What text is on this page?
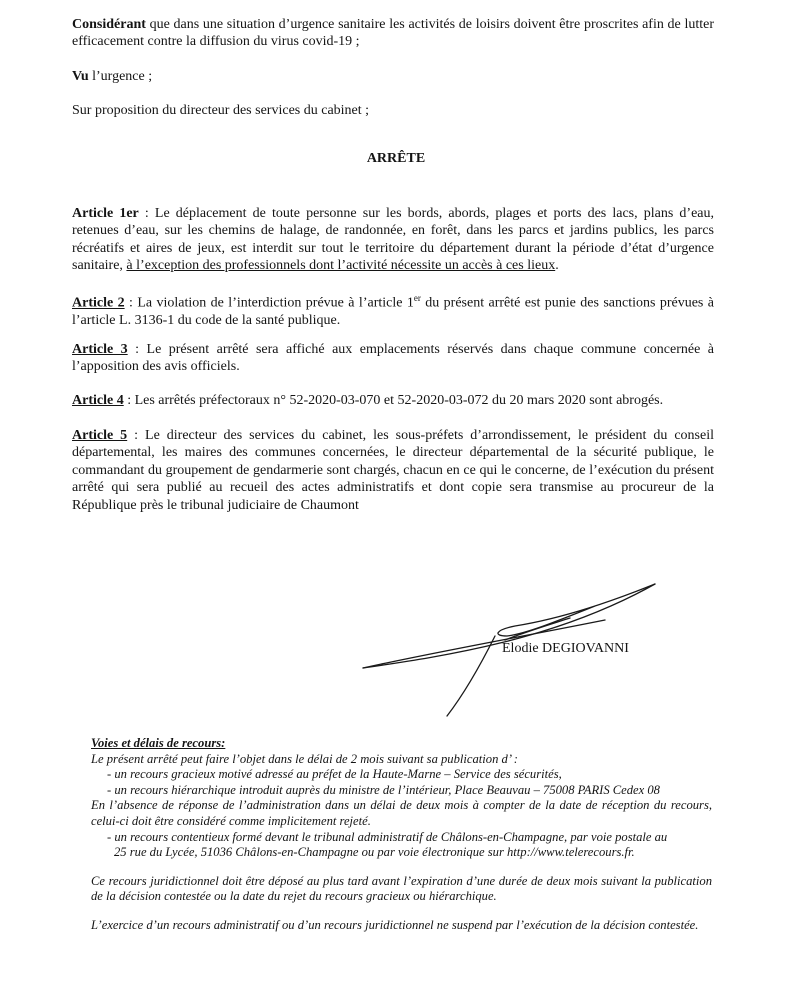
Considérant que dans une situation d’urgence sanitaire les activités de loisirs doivent être proscrites afin de lutter efficacement contre la diffusion du virus covid-19 ;

Vu l’urgence ;

Sur proposition du directeur des services du cabinet ;

ARRÊTE

Article 1er : Le déplacement de toute personne sur les bords, abords, plages et ports des lacs, plans d’eau, retenues d’eau, sur les chemins de halage, de randonnée, en forêt, dans les parcs et jardins publics, les parcs récréatifs et aires de jeux, est interdit sur tout le territoire du département durant la période d’état d’urgence sanitaire, à l’exception des professionnels dont l’activité nécessite un accès à ces lieux.

Article 2 : La violation de l’interdiction prévue à l’article 1er du présent arrêté est punie des sanctions prévues à l’article L. 3136-1 du code de la santé publique.

Article 3 : Le présent arrêté sera affiché aux emplacements réservés dans chaque commune concernée à l’apposition des avis officiels.

Article 4 : Les arrêtés préfectoraux n° 52-2020-03-070 et 52-2020-03-072 du 20 mars 2020 sont abrogés.

Article 5 : Le directeur des services du cabinet, les sous-préfets d’arrondissement, le président du conseil départemental, les maires des communes concernées, le directeur départemental de la sécurité publique, le commandant du groupement de gendarmerie sont chargés, chacun en ce qui le concerne, de l’exécution du présent arrêté qui sera publié au recueil des actes administratifs et dont copie sera transmise au procureur de la République près le tribunal judiciaire de Chaumont

Elodie DEGIOVANNI

Voies et délais de recours:

Le présent arrêté peut faire l’objet dans le délai de 2 mois suivant sa publication d’ :

- un recours gracieux motivé adressé au préfet de la Haute-Marne – Service des sécurités,

- un recours hiérarchique introduit auprès du ministre de l’intérieur, Place Beauvau – 75008 PARIS Cedex 08

En l’absence de réponse de l’administration dans un délai de deux mois à compter de la date de réception du recours, celui-ci doit être considéré comme implicitement rejeté.

- un recours contentieux formé devant le tribunal administratif de Châlons-en-Champagne, par voie postale au

25 rue du Lycée, 51036 Châlons-en-Champagne ou par voie électronique sur http://www.telerecours.fr.

Ce recours juridictionnel doit être déposé au plus tard avant l’expiration d’une durée de deux mois suivant la publication de la décision contestée ou la date du rejet du recours gracieux ou hiérarchique.

L’exercice d’un recours administratif ou d’un recours juridictionnel ne suspend par l’exécution de la décision contestée.
